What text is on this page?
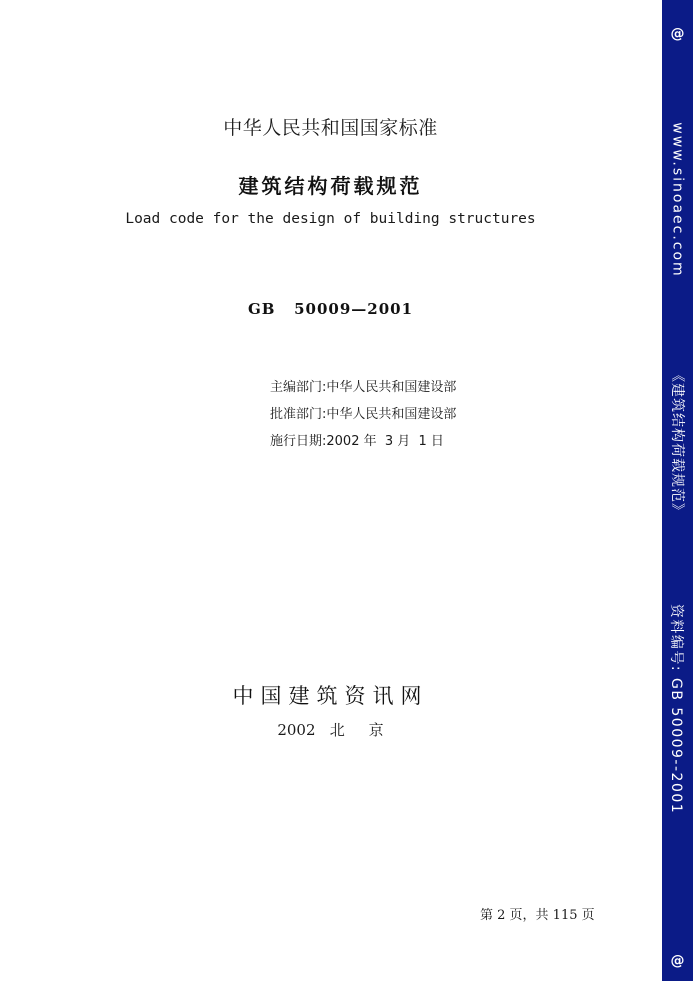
中华人民共和国国家标准
建筑结构荷载规范
Load code for the design of building structures
GB   50009—2001
主编部门:中华人民共和国建设部
批准部门:中华人民共和国建设部
施行日期:2002 年  3 月  1 日
中国建筑资讯网
2002   北     京
第 2 页，共 115 页
@
www.sinoaec.com
《建筑结构荷载规范》
资料编号: GB 50009--2001
@
